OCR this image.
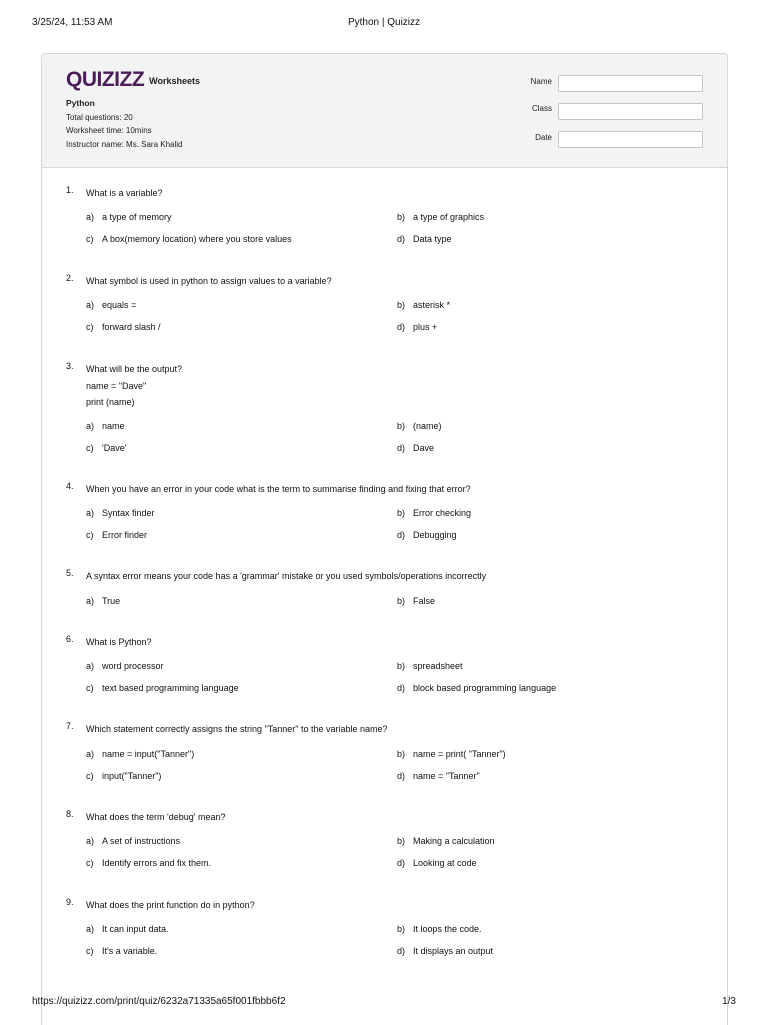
3/25/24, 11:53 AM	Python | Quizizz
QUIZIZZ Worksheets
Python
Total questions: 20
Worksheet time: 10mins
Instructor name: Ms. Sara Khalid
Name
Class
Date
1. What is a variable?
a) a type of memory	b) a type of graphics
c) A box(memory location) where you store values	d) Data type
2. What symbol is used in python to assign values to a variable?
a) equals =	b) asterisk *
c) forward slash /	d) plus +
3. What will be the output?
name = "Dave"
print (name)
a) name	b) (name)
c) 'Dave'	d) Dave
4. When you have an error in your code what is the term to summarise finding and fixing that error?
a) Syntax finder	b) Error checking
c) Error finder	d) Debugging
5. A syntax error means your code has a 'grammar' mistake or you used symbols/operations incorrectly
a) True	b) False
6. What is Python?
a) word processor	b) spreadsheet
c) text based programming language	d) block based programming language
7. Which statement correctly assigns the string "Tanner" to the variable name?
a) name = input("Tanner")	b) name = print( "Tanner")
c) input("Tanner")	d) name = "Tanner"
8. What does the term 'debug' mean?
a) A set of instructions	b) Making a calculation
c) Identify errors and fix them.	d) Looking at code
9. What does the print function do in python?
a) It can input data.	b) It loops the code.
c) It's a variable.	d) It displays an output
https://quizizz.com/print/quiz/6232a71335a65f001fbbb6f2	1/3
